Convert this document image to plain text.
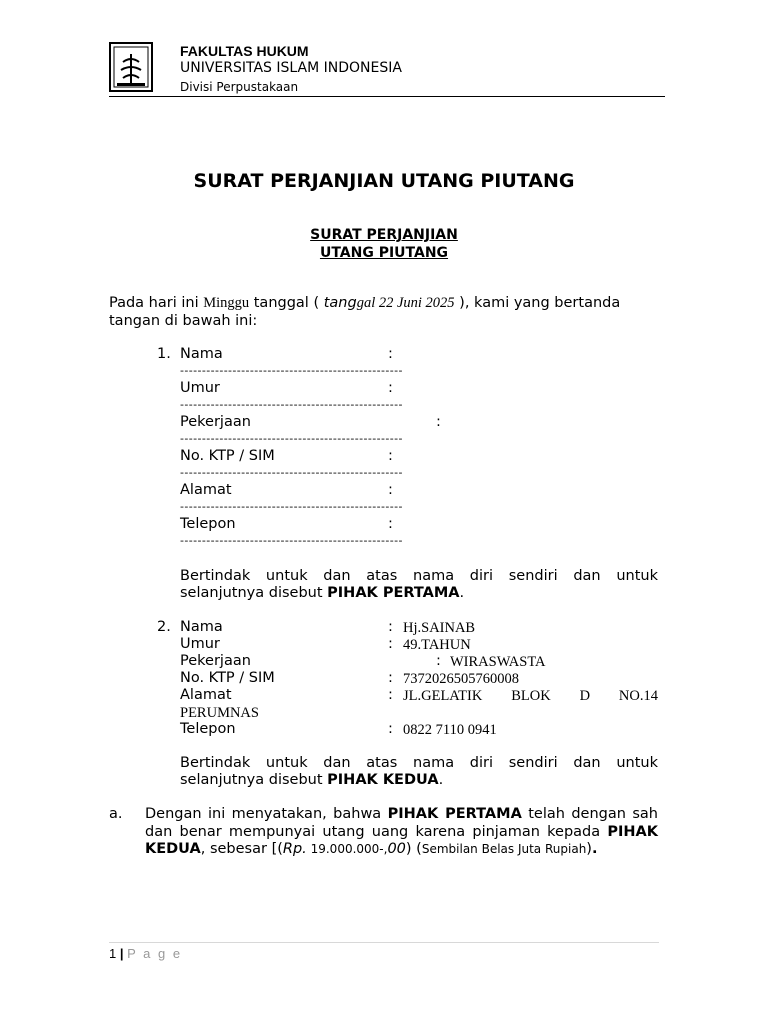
FAKULTAS HUKUM
UNIVERSITAS ISLAM INDONESIA
Divisi Perpustakaan
SURAT PERJANJIAN UTANG PIUTANG
SURAT PERJANJIAN
UTANG PIUTANG
Pada hari ini Minggu tanggal ( tanggal 22 Juni 2025 ), kami yang bertanda
tangan di bawah ini:
1. Nama	:
---------------------------------------------------
Umur	:
---------------------------------------------------
Pekerjaan	:
---------------------------------------------------
No. KTP / SIM	:
---------------------------------------------------
Alamat	:
---------------------------------------------------
Telepon	:
---------------------------------------------------
Bertindak untuk dan atas nama diri sendiri dan untuk
selanjutnya disebut PIHAK PERTAMA.
2. Nama	: Hj.SAINAB
Umur	: 49.TAHUN
Pekerjaan	: WIRASWASTA
No. KTP / SIM	: 7372026505760008
Alamat	: JL.GELATIK BLOK D NO.14
PERUMNAS
Telepon	: 0822 7110 0941
Bertindak untuk dan atas nama diri sendiri dan untuk
selanjutnya disebut PIHAK KEDUA.
a. Dengan ini menyatakan, bahwa PIHAK PERTAMA telah dengan sah dan benar mempunyai utang uang karena pinjaman kepada PIHAK KEDUA, sebesar [(Rp. 19.000.000-,00) (Sembilan Belas Juta Rupiah).
1 | P a g e
